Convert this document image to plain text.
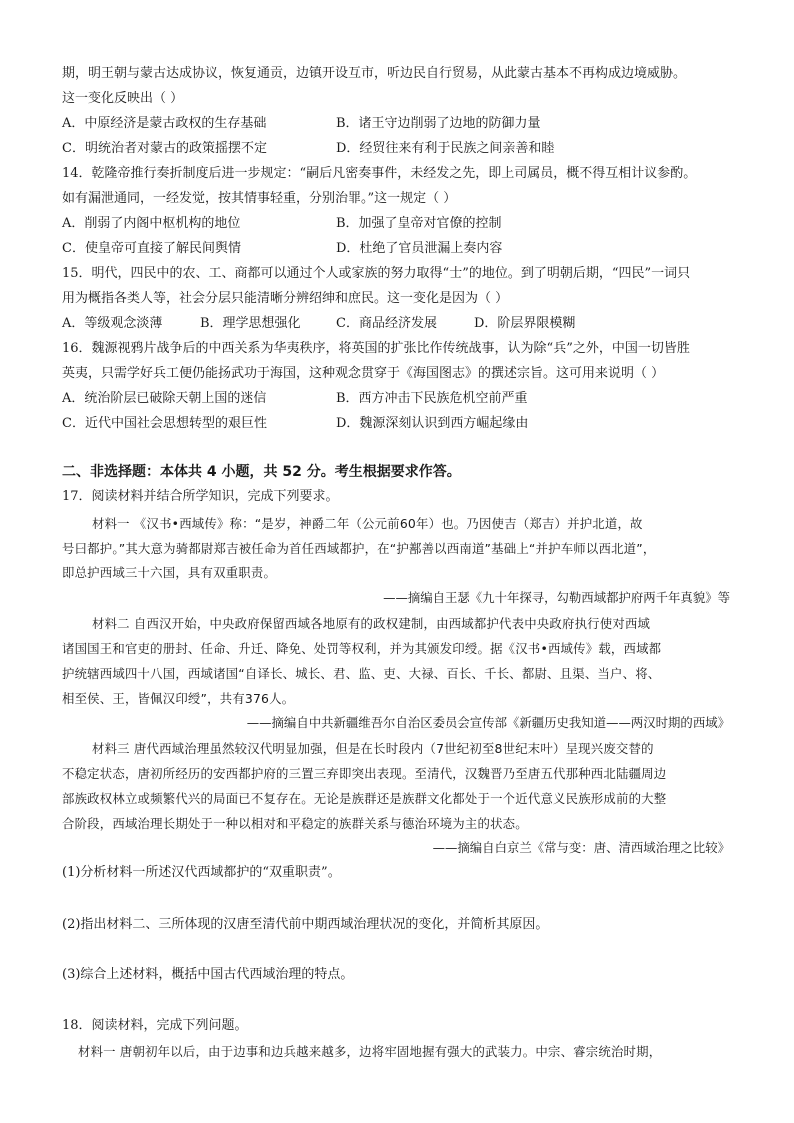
期，明王朝与蒙古达成协议，恢复通贡，边镇开设互市，听边民自行贸易，从此蒙古基本不再构成边境威胁。
这一变化反映出（ ）
A．中原经济是蒙古政权的生存基础	B．诸王守边削弱了边地的防御力量
C．明统治者对蒙古的政策摇摆不定	D．经贸往来有利于民族之间亲善和睦
14．乾隆帝推行奏折制度后进一步规定：“嗣后凡密奏事件，未经发之先，即上司属员，概不得互相计议参酌。
如有漏泄通同，一经发觉，按其情事轻重，分别治罪。”这一规定（ ）
A．削弱了内阁中枢机构的地位	B．加强了皇帝对官僚的控制
C．使皇帝可直接了解民间舆情	D．杜绝了官员泄漏上奏内容
15．明代，四民中的农、工、商都可以通过个人或家族的努力取得“士”的地位。到了明朝后期，“四民”一词只
用为概指各类人等，社会分层只能清晰分辨绍绅和庶民。这一变化是因为（ ）
A．等级观念淡薄	B．理学思想强化	C．商品经济发展	D．阶层界限模糊
16．魏源视鸦片战争后的中西关系为华夷秩序，将英国的扩张比作传统战事，认为除“兵”之外，中国一切皆胜
英夷，只需学好兵工便仍能扬武功于海国，这种观念贯穿于《海国图志》的撰述宗旨。这可用来说明（ ）
A．统治阶层已破除天朝上国的迷信	B．西方冲击下民族危机空前严重
C．近代中国社会思想转型的艰巨性	D．魏源深刻认识到西方崛起缘由
二、非选择题：本体共 4 小题，共 52 分。考生根据要求作答。
17．阅读材料并结合所学知识，完成下列要求。
材料一 《汉书•西域传》称：“是岁，神爵二年（公元前60年）也。乃因使吉（郑吉）并护北道，故
号曰都护。”其大意为骑都尉郑吉被任命为首任西域都护，在“护鄯善以西南道”基础上“并护车师以西北道”，
即总护西域三十六国，具有双重职责。
——摘编自王瑟《九十年探寻，勾勒西域都护府两千年真貌》等
材料二 自西汉开始，中央政府保留西域各地原有的政权建制，由西域都护代表中央政府执行使对西域
诸国国王和官吏的册封、任命、升迁、降免、处罚等权利，并为其颁发印绶。据《汉书•西域传》载，西域都
护统辖西域四十八国，西域诸国“自译长、城长、君、监、吏、大禄、百长、千长、都尉、且渠、当户、将、
相至侯、王，皆佩汉印绶”，共有376人。
——摘编自中共新疆维吾尔自治区委员会宣传部《新疆历史我知道——两汉时期的西域》
材料三 唐代西域治理虽然较汉代明显加强，但是在长时段内（7世纪初至8世纪末叶）呈现兴废交替的
不稳定状态，唐初所经历的安西都护府的三置三弃即突出表现。至清代，汉魏晋乃至唐五代那种西北陆疆周边
部族政权林立或频繁代兴的局面已不复存在。无论是族群还是族群文化都处于一个近代意义民族形成前的大整
合阶段，西域治理长期处于一种以相对和平稳定的族群关系与德治环境为主的状态。
——摘编自白京兰《常与变：唐、清西域治理之比较》
(1)分析材料一所述汉代西域都护的“双重职责”。
(2)指出材料二、三所体现的汉唐至清代前中期西域治理状况的变化，并简析其原因。
(3)综合上述材料，概括中国古代西域治理的特点。
18．阅读材料，完成下列问题。
材料一 唐朝初年以后，由于边事和边兵越来越多，边将牢固地握有强大的武装力。中宗、睿宗统治时期，
